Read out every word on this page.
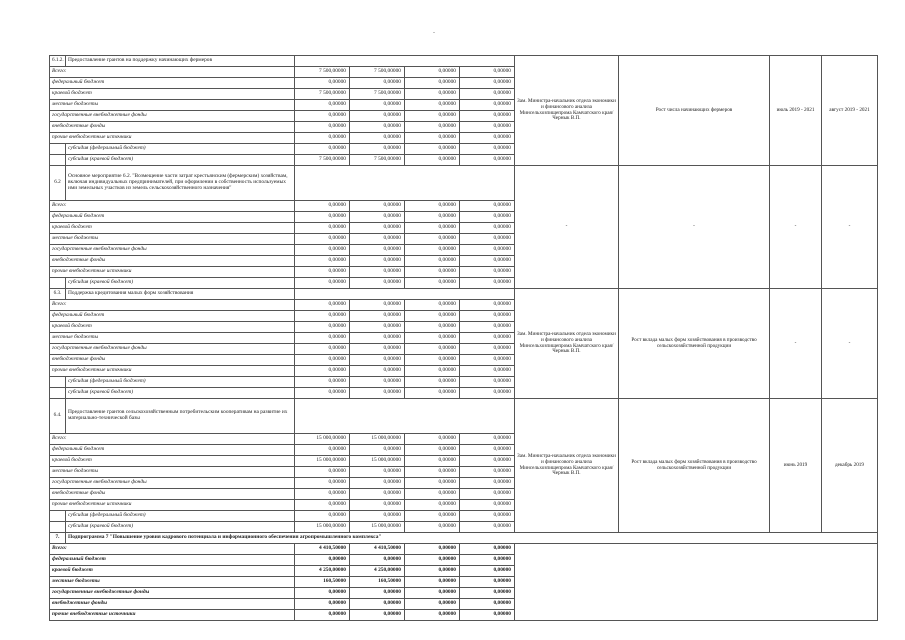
.
6.1.2.	Предоставление грантов на поддержку начинающих фермеров					Зам. Министра-начальник отдела экономики и финансового анализа Минсельхозпищепрома Камчатского края/Чернык В.П.	Рост числа начинающих фермеров	июль 2019 - 2021	август 2019 - 2021
Всего:		7 500,00000	7 500,00000	0,00000	0,00000				
федеральный бюджет		0,00000	0,00000	0,00000	0,00000				
краевой бюджет		7 500,00000	7 500,00000	0,00000	0,00000				
местные бюджеты		0,00000	0,00000	0,00000	0,00000				
государственные внебюджетные фонды		0,00000	0,00000	0,00000	0,00000				
внебюджетные фонды		0,00000	0,00000	0,00000	0,00000				
прочие внебюджетные источники		0,00000	0,00000	0,00000	0,00000				
	субсидия (федеральный бюджет)	0,00000	0,00000	0,00000	0,00000				
	субсидия (краевой бюджет)	7 500,00000	7 500,00000	0,00000	0,00000				
6.2	Основное мероприятие 6.2. "Возмещение части затрат крестьянским (фермерским) хозяйствам, включая индивидуальных предпринимателей, при оформлении в собственность используемых ими земельных участков из земель сельскохозяйственного назначения"					-	-	-	-
Всего:		0,00000	0,00000	0,00000	0,00000				
федеральный бюджет		0,00000	0,00000	0,00000	0,00000				
краевой бюджет		0,00000	0,00000	0,00000	0,00000				
местные бюджеты		0,00000	0,00000	0,00000	0,00000				
государственные внебюджетные фонды		0,00000	0,00000	0,00000	0,00000				
внебюджетные фонды		0,00000	0,00000	0,00000	0,00000				
прочие внебюджетные источники		0,00000	0,00000	0,00000	0,00000				
	субсидия (краевой бюджет)	0,00000	0,00000	0,00000	0,00000				
6.3.	Поддержка кредитования малых форм хозяйствования					Зам. Министра-начальник отдела экономики и финансового анализа Минсельхозпищепрома Камчатского края/Чернык В.П.	Рост вклада малых форм хозяйствования в производство сельскохозяйственной продукции	-	-
Всего:		0,00000	0,00000	0,00000	0,00000				
федеральный бюджет		0,00000	0,00000	0,00000	0,00000				
краевой бюджет		0,00000	0,00000	0,00000	0,00000				
местные бюджеты		0,00000	0,00000	0,00000	0,00000				
государственные внебюджетные фонды		0,00000	0,00000	0,00000	0,00000				
внебюджетные фонды		0,00000	0,00000	0,00000	0,00000				
прочие внебюджетные источники		0,00000	0,00000	0,00000	0,00000				
	субсидия (федеральный бюджет)	0,00000	0,00000	0,00000	0,00000				
	субсидия (краевой бюджет)	0,00000	0,00000	0,00000	0,00000				
6.4.	Предоставление грантов сельскохозяйственным потребительским кооперативам на развитие их материально-технической базы					Зам. Министра-начальник отдела экономики и финансового анализа Минсельхозпищепрома Камчатского края/Чернык В.П.	Рост вклада малых форм хозяйствования в производство сельскохозяйственной продукции	июнь 2019	декабрь 2019
Всего:		15 000,00000	15 000,00000	0,00000	0,00000				
федеральный бюджет		0,00000	0,00000	0,00000	0,00000				
краевой бюджет		15 000,00000	15 000,00000	0,00000	0,00000				
местные бюджеты		0,00000	0,00000	0,00000	0,00000				
государственные внебюджетные фонды		0,00000	0,00000	0,00000	0,00000				
внебюджетные фонды		0,00000	0,00000	0,00000	0,00000				
прочие внебюджетные источники		0,00000	0,00000	0,00000	0,00000				
	субсидия (федеральный бюджет)	0,00000	0,00000	0,00000	0,00000				
	субсидия (краевой бюджет)	15 000,00000	15 000,00000	0,00000	0,00000				
7.	Подпрограмма 7 "Повышение уровня кадрового потенциала и информационного обеспечения агропромышленного комплекса"								
Всего:		4 410,50000	4 410,50000	0,00000	0,00000				
федеральный бюджет		0,00000	0,00000	0,00000	0,00000				
краевой бюджет		4 250,00000	4 250,00000	0,00000	0,00000				
местные бюджеты		160,50000	160,50000	0,00000	0,00000				
государственные внебюджетные фонды		0,00000	0,00000	0,00000	0,00000				
внебюджетные фонды		0,00000	0,00000	0,00000	0,00000				
прочие внебюджетные источники		0,00000	0,00000	0,00000	0,00000				
